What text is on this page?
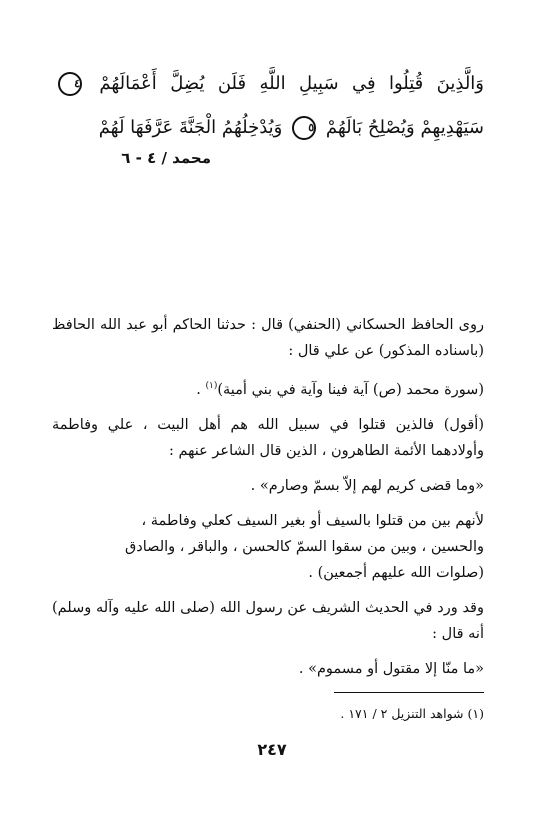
وَالَّذِينَ قُتِلُوا فِي سَبِيلِ اللَّهِ فَلَن يُضِلَّ أَعْمَالَهُمْ ٤ سَيَهْدِيهِمْ وَيُصْلِحُ بَالَهُمْ ٥ وَيُدْخِلُهُمُ الْجَنَّةَ عَرَّفَهَا لَهُمْ
محمد / ٤ - ٦

روى الحافظ الحسكاني (الحنفي) قال : حدثنا الحاكم أبو عبد الله الحافظ (باسناده المذكور) عن علي قال :

(سورة محمد (ص) آية فينا وآية في بني أمية)$^{(١)}$ .

(أقول) فالذين قتلوا في سبيل الله هم أهل البيت ، علي وفاطمة وأولادهما الأئمة الطاهرون ، الذين قال الشاعر عنهم :

«وما قضى كريم لهم إلاّ بسمّ وصارم» .

لأنهم بين من قتلوا بالسيف أو بغير السيف كعلي وفاطمة ،
والحسين ، وبين من سقوا السمّ كالحسن ، والباقر ، والصادق
(صلوات الله عليهم أجمعين) .

وقد ورد في الحديث الشريف عن رسول الله (صلى الله عليه وآله وسلم) أنه قال :

«ما منّا إلا مقتول أو مسموم» .

(١) شواهد التنزيل ٢ / ١٧١ .
٢٤٧
